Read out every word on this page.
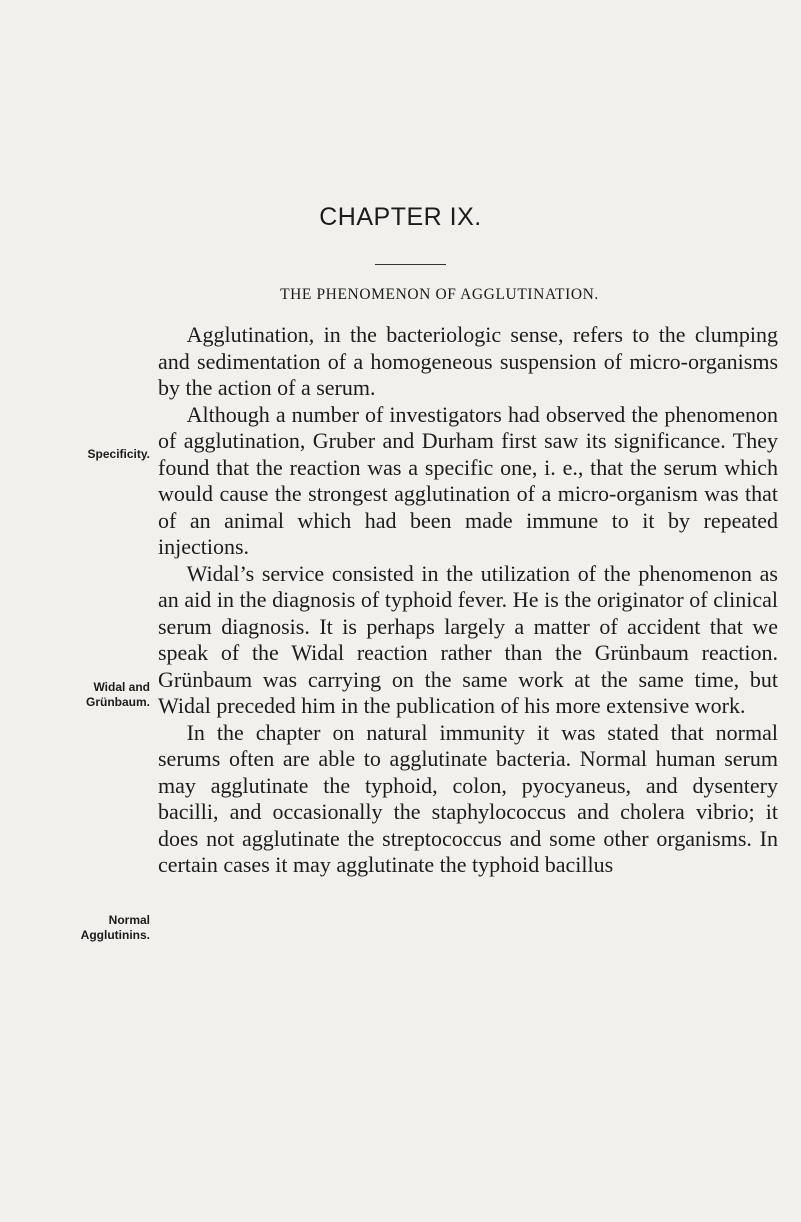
CHAPTER IX.
THE PHENOMENON OF AGGLUTINATION.
Specificity.
Widal and
Grünbaum.
Normal
Agglutinins.

Agglutination, in the bacteriologic sense, refers to the clumping and sedimentation of a homogeneous suspension of micro-organisms by the action of a serum.

Although a number of investigators had observed the phenomenon of agglutination, Gruber and Durham first saw its significance. They found that the reaction was a specific one, i. e., that the serum which would cause the strongest agglutination of a micro-organism was that of an animal which had been made immune to it by repeated injections.

Widal’s service consisted in the utilization of the phenomenon as an aid in the diagnosis of typhoid fever. He is the originator of clinical serum diagnosis. It is perhaps largely a matter of accident that we speak of the Widal reaction rather than the Grünbaum reaction. Grünbaum was carrying on the same work at the same time, but Widal preceded him in the publication of his more extensive work.

In the chapter on natural immunity it was stated that normal serums often are able to agglutinate bacteria. Normal human serum may agglutinate the typhoid, colon, pyocyaneus, and dysentery bacilli, and occasionally the staphylococcus and cholera vibrio; it does not agglutinate the streptococcus and some other organisms. In certain cases it may agglutinate the typhoid bacillus
